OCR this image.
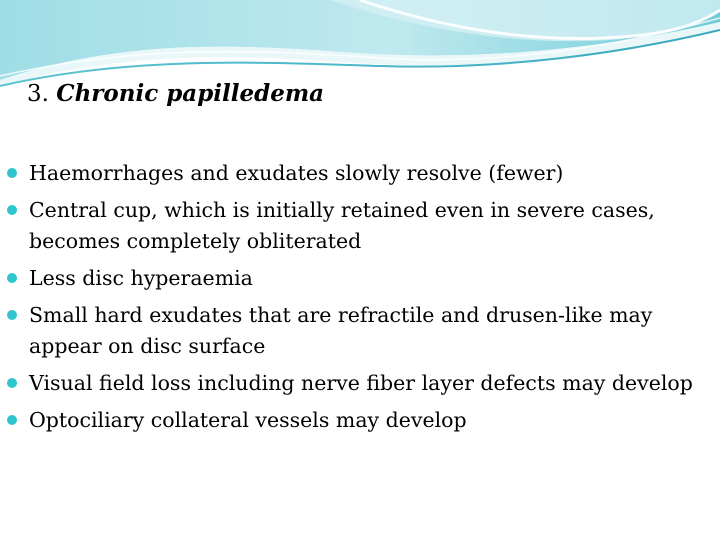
3. Chronic papilledema
Haemorrhages and exudates slowly resolve (fewer)
Central cup, which is initially retained even in severe cases, becomes completely obliterated
Less disc hyperaemia
Small hard exudates that are refractile and drusen-like may appear on disc surface
Visual field loss including nerve fiber layer defects may develop
Optociliary collateral vessels may develop
